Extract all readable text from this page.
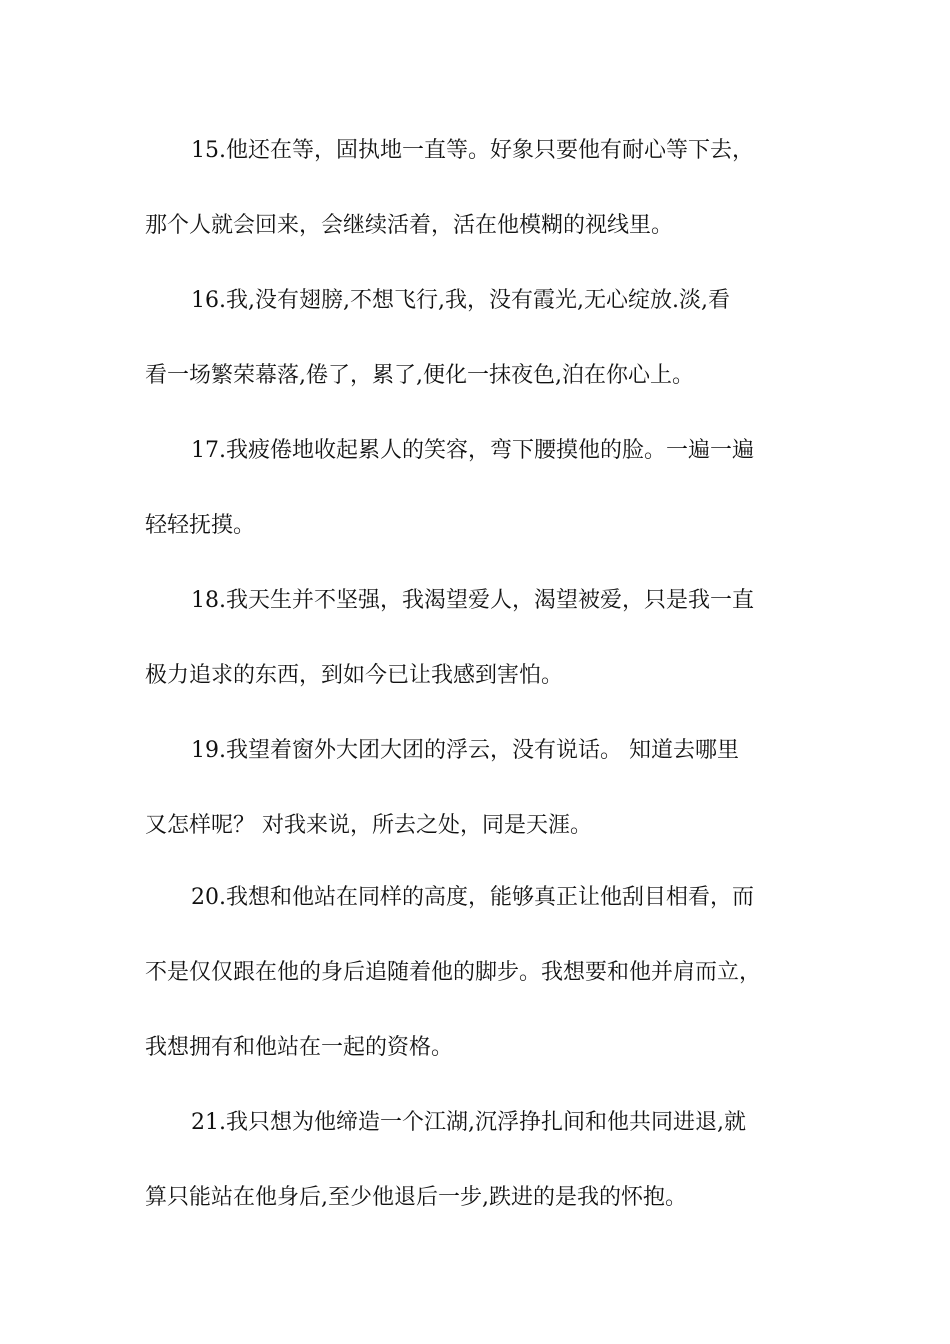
15.他还在等，固执地一直等。好象只要他有耐心等下去，
那个人就会回来，会继续活着，活在他模糊的视线里。
16.我,没有翅膀,不想飞行,我，没有霞光,无心绽放.淡,看
看一场繁荣幕落,倦了，累了,便化一抹夜色,泊在你心上。
17.我疲倦地收起累人的笑容，弯下腰摸他的脸。一遍一遍
轻轻抚摸。
18.我天生并不坚强，我渴望爱人，渴望被爱，只是我一直
极力追求的东西，到如今已让我感到害怕。
19.我望着窗外大团大团的浮云，没有说话。 知道去哪里
又怎样呢？ 对我来说，所去之处，同是天涯。
20.我想和他站在同样的高度，能够真正让他刮目相看，而
不是仅仅跟在他的身后追随着他的脚步。我想要和他并肩而立，
我想拥有和他站在一起的资格。
21.我只想为他缔造一个江湖,沉浮挣扎间和他共同进退,就
算只能站在他身后,至少他退后一步,跌进的是我的怀抱。
